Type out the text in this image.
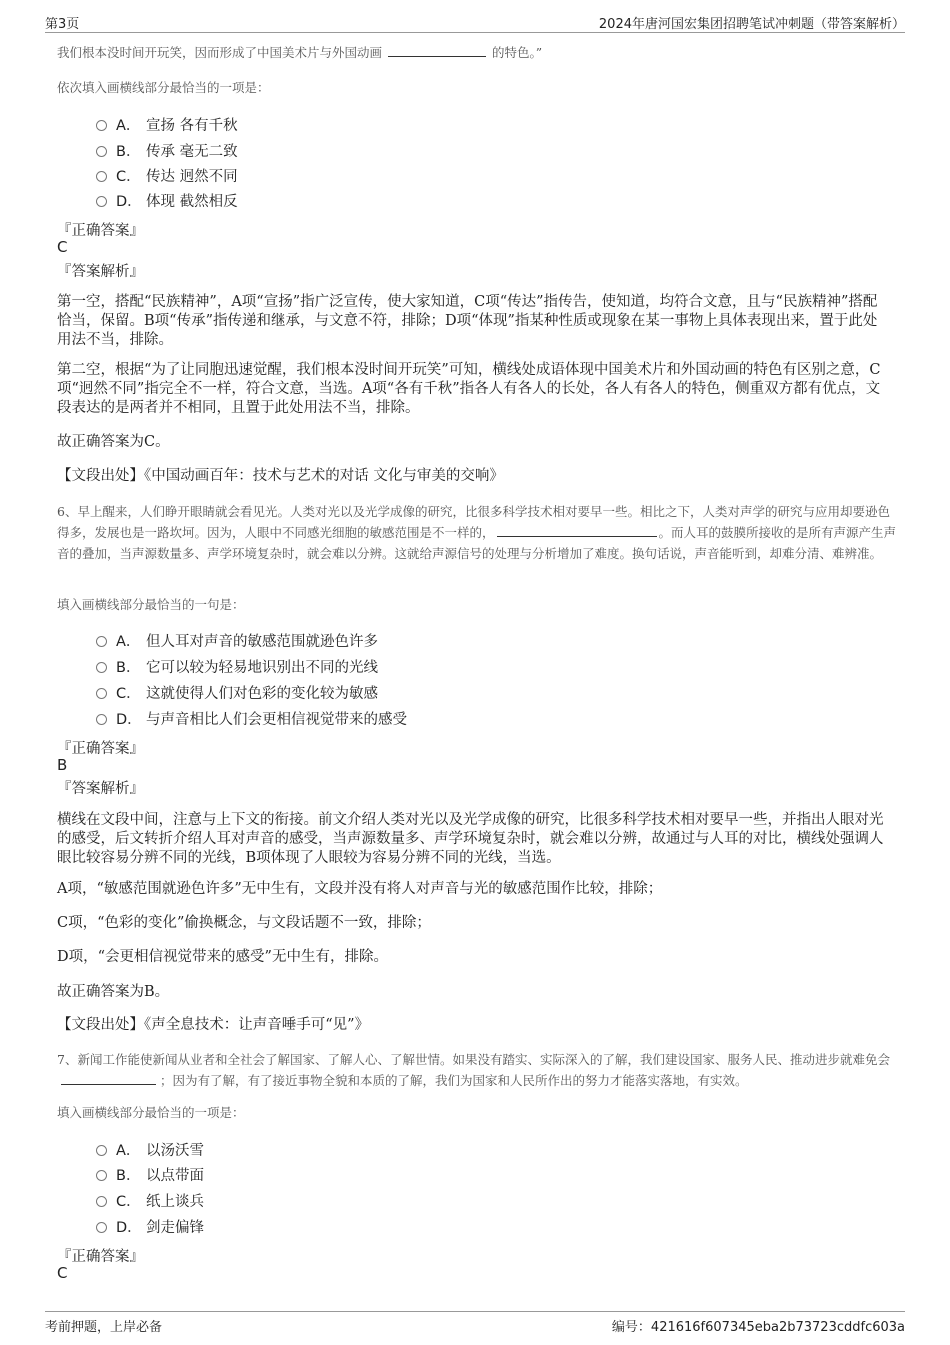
第3页	2024年唐河国宏集团招聘笔试冲刺题（带答案解析）
我们根本没时间开玩笑，因而形成了中国美术片与外国动画	的特色。”
依次填入画横线部分最恰当的一项是：
A． 宣扬 各有千秋
B． 传承 毫无二致
C． 传达 迥然不同
D． 体现 截然相反
『正确答案』
C
『答案解析』
第一空，搭配“民族精神”，A项“宣扬”指广泛宣传，使大家知道，C项“传达”指传告，使知道，均符合文意，且与“民族精神”搭配恰当，保留。B项“传承”指传递和继承，与文意不符，排除；D项“体现”指某种性质或现象在某一事物上具体表现出来，置于此处用法不当，排除。
第二空，根据“为了让同胞迅速觉醒，我们根本没时间开玩笑”可知，横线处成语体现中国美术片和外国动画的特色有区别之意，C项“迥然不同”指完全不一样，符合文意，当选。A项“各有千秋”指各人有各人的长处，各人有各人的特色，侧重双方都有优点，文段表达的是两者并不相同，且置于此处用法不当，排除。
故正确答案为C。
【文段出处】《中国动画百年：技术与艺术的对话 文化与审美的交响》
6、早上醒来，人们睁开眼睛就会看见光。人类对光以及光学成像的研究，比很多科学技术相对要早一些。相比之下，人类对声学的研究与应用却要逊色得多，发展也是一路坎坷。因为，人眼中不同感光细胞的敏感范围是不一样的，	。而人耳的鼓膜所接收的是所有声源产生声音的叠加，当声源数量多、声学环境复杂时，就会难以分辨。这就给声源信号的处理与分析增加了难度。换句话说，声音能听到，却难分清、难辨准。
填入画横线部分最恰当的一句是：
A． 但人耳对声音的敏感范围就逊色许多
B． 它可以较为轻易地识别出不同的光线
C． 这就使得人们对色彩的变化较为敏感
D． 与声音相比人们会更相信视觉带来的感受
『正确答案』
B
『答案解析』
横线在文段中间，注意与上下文的衔接。前文介绍人类对光以及光学成像的研究，比很多科学技术相对要早一些，并指出人眼对光的感受，后文转折介绍人耳对声音的感受，当声源数量多、声学环境复杂时，就会难以分辨，故通过与人耳的对比，横线处强调人眼比较容易分辨不同的光线，B项体现了人眼较为容易分辨不同的光线，当选。
A项，“敏感范围就逊色许多”无中生有，文段并没有将人对声音与光的敏感范围作比较，排除；
C项，“色彩的变化”偷换概念，与文段话题不一致，排除；
D项，“会更相信视觉带来的感受”无中生有，排除。
故正确答案为B。
【文段出处】《声全息技术：让声音唾手可“见”》
7、新闻工作能使新闻从业者和全社会了解国家、了解人心、了解世情。如果没有踏实、实际深入的了解，我们建设国家、服务人民、推动进步就难免会；因为有了解，有了接近事物全貌和本质的了解，我们为国家和人民所作出的努力才能落实落地，有实效。
填入画横线部分最恰当的一项是：
A． 以汤沃雪
B． 以点带面
C． 纸上谈兵
D． 剑走偏锋
『正确答案』
C
考前押题，上岸必备	编号：421616f607345eba2b73723cddfc603a
